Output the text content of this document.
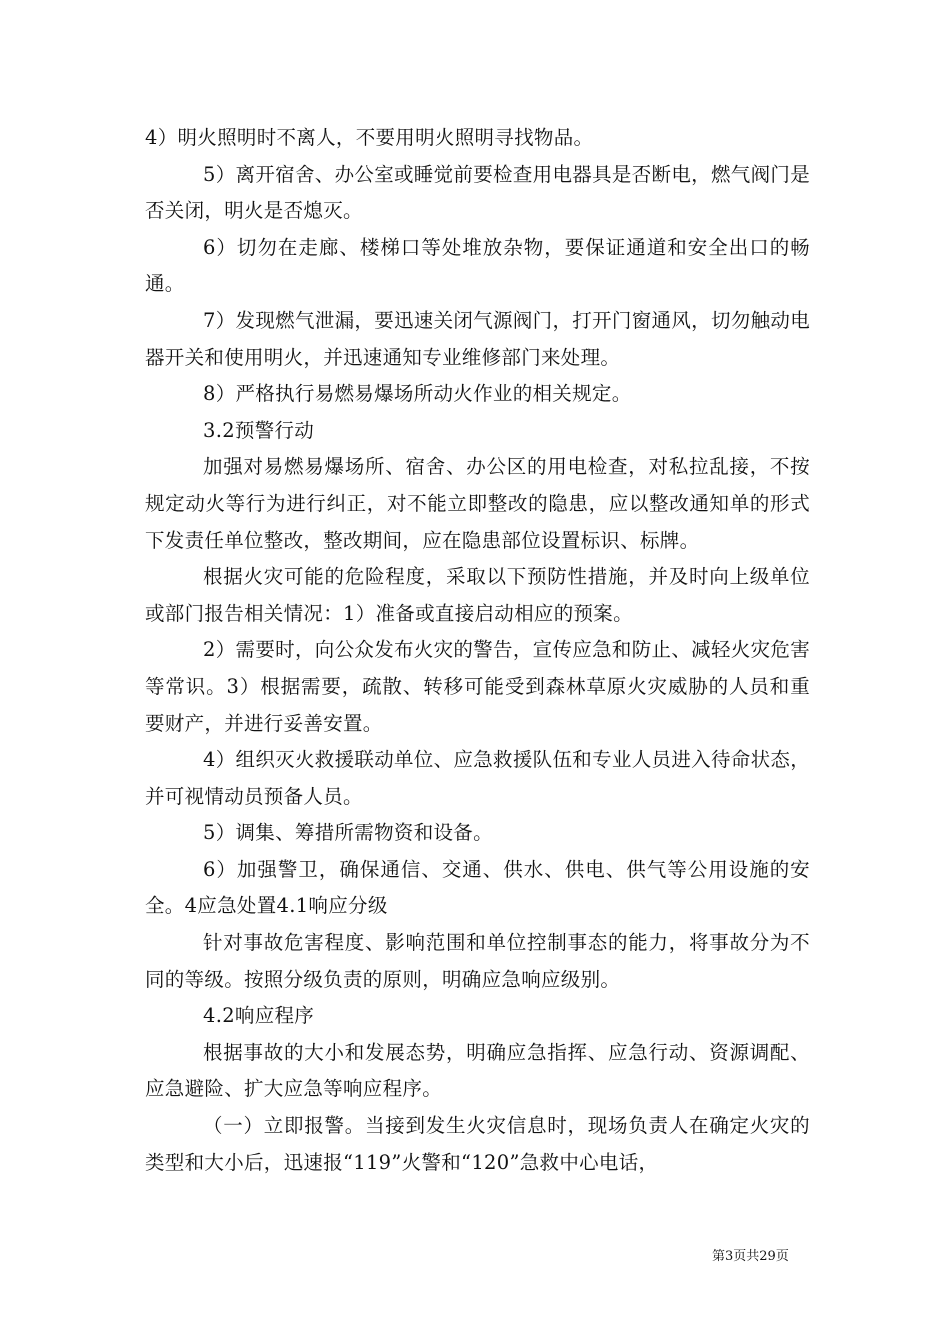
4）明火照明时不离人，不要用明火照明寻找物品。

5）离开宿舍、办公室或睡觉前要检查用电器具是否断电，燃气阀门是否关闭，明火是否熄灭。

6）切勿在走廊、楼梯口等处堆放杂物，要保证通道和安全出口的畅通。

7）发现燃气泄漏，要迅速关闭气源阀门，打开门窗通风，切勿触动电器开关和使用明火，并迅速通知专业维修部门来处理。

8）严格执行易燃易爆场所动火作业的相关规定。

3.2预警行动

加强对易燃易爆场所、宿舍、办公区的用电检查，对私拉乱接，不按规定动火等行为进行纠正，对不能立即整改的隐患，应以整改通知单的形式下发责任单位整改，整改期间，应在隐患部位设置标识、标牌。

根据火灾可能的危险程度，采取以下预防性措施，并及时向上级单位或部门报告相关情况：1）准备或直接启动相应的预案。

2）需要时，向公众发布火灾的警告，宣传应急和防止、减轻火灾危害等常识。3）根据需要，疏散、转移可能受到森林草原火灾威胁的人员和重要财产，并进行妥善安置。

4）组织灭火救援联动单位、应急救援队伍和专业人员进入待命状态，并可视情动员预备人员。

5）调集、筹措所需物资和设备。

6）加强警卫，确保通信、交通、供水、供电、供气等公用设施的安全。4应急处置4.1响应分级

针对事故危害程度、影响范围和单位控制事态的能力，将事故分为不同的等级。按照分级负责的原则，明确应急响应级别。

4.2响应程序

根据事故的大小和发展态势，明确应急指挥、应急行动、资源调配、应急避险、扩大应急等响应程序。

（一）立即报警。当接到发生火灾信息时，现场负责人在确定火灾的类型和大小后，迅速报“119”火警和“120”急救中心电话，

第3页共29页
